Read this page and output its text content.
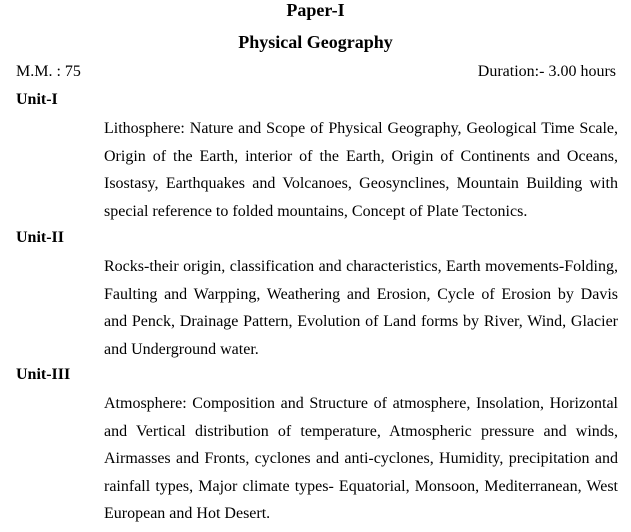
Paper-I
Physical Geography
M.M. : 75	Duration:- 3.00 hours
Unit-I

Lithosphere: Nature and Scope of Physical Geography, Geological Time Scale,
Origin of the Earth, interior of the Earth, Origin of Continents and Oceans,
Isostasy, Earthquakes and Volcanoes, Geosynclines, Mountain Building with
special reference to folded mountains, Concept of Plate Tectonics.

Unit-II

Rocks-their origin, classification and characteristics, Earth movements-Folding,
Faulting and Warpping, Weathering and Erosion, Cycle of Erosion by Davis
and Penck, Drainage Pattern, Evolution of Land forms by River, Wind, Glacier
and Underground water.

Unit-III

Atmosphere: Composition and Structure of atmosphere, Insolation, Horizontal
and Vertical distribution of temperature, Atmospheric pressure and winds,
Airmasses and Fronts, cyclones and anti-cyclones, Humidity, precipitation and
rainfall types, Major climate types- Equatorial, Monsoon, Mediterranean, West
European and Hot Desert.
